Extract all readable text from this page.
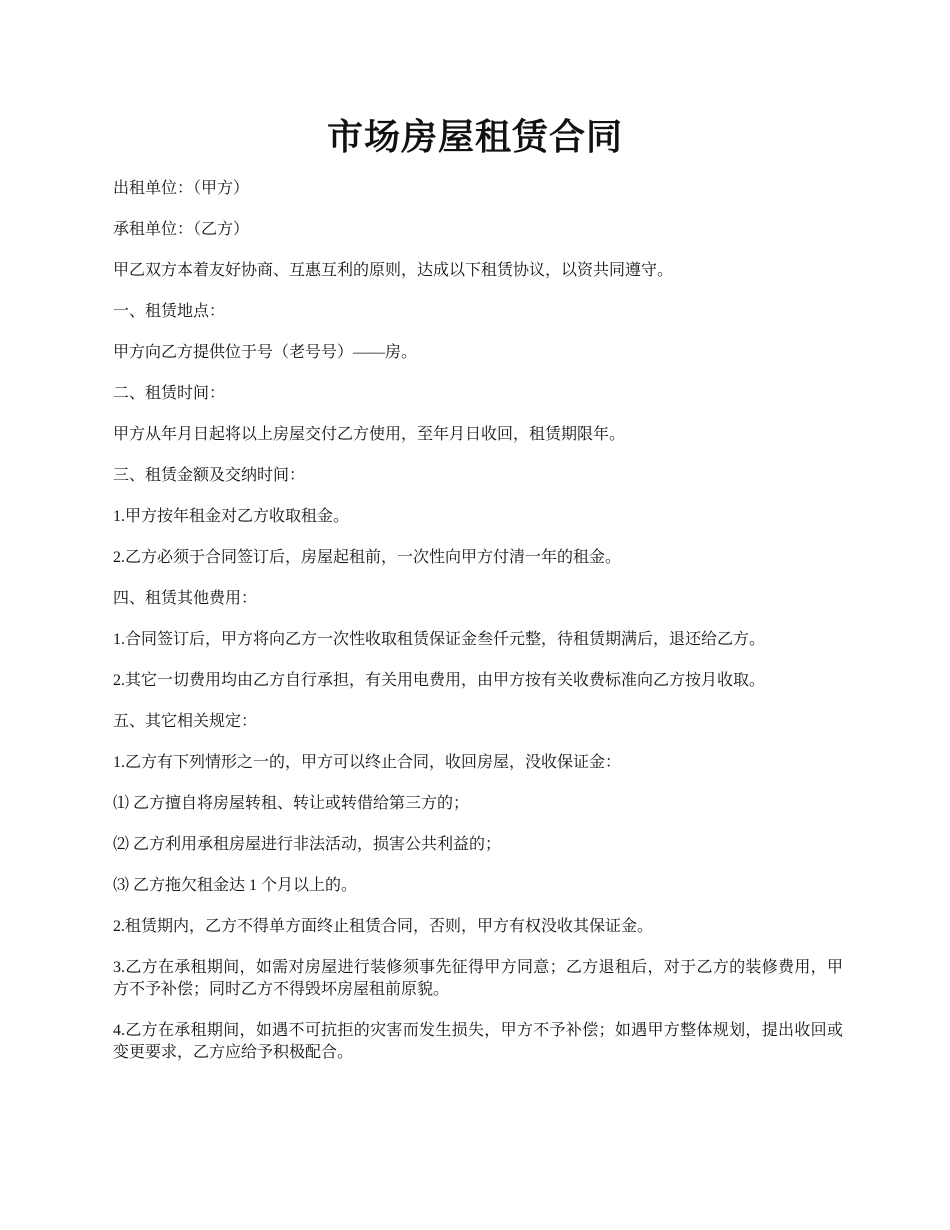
市场房屋租赁合同

出租单位：（甲方）

承租单位：（乙方）

甲乙双方本着友好协商、互惠互利的原则，达成以下租赁协议，以资共同遵守。

一、租赁地点：

甲方向乙方提供位于号（老号号）——房。

二、租赁时间：

甲方从年月日起将以上房屋交付乙方使用，至年月日收回，租赁期限年。

三、租赁金额及交纳时间：

1.甲方按年租金对乙方收取租金。

2.乙方必须于合同签订后，房屋起租前，一次性向甲方付清一年的租金。

四、租赁其他费用：

1.合同签订后，甲方将向乙方一次性收取租赁保证金叁仟元整，待租赁期满后，退还给乙方。

2.其它一切费用均由乙方自行承担，有关用电费用，由甲方按有关收费标准向乙方按月收取。

五、其它相关规定：

1.乙方有下列情形之一的，甲方可以终止合同，收回房屋，没收保证金：

⑴ 乙方擅自将房屋转租、转让或转借给第三方的；

⑵ 乙方利用承租房屋进行非法活动，损害公共利益的；

⑶ 乙方拖欠租金达 1 个月以上的。

2.租赁期内，乙方不得单方面终止租赁合同，否则，甲方有权没收其保证金。

3.乙方在承租期间，如需对房屋进行装修须事先征得甲方同意；乙方退租后，对于乙方的装修费用，甲方不予补偿；同时乙方不得毁坏房屋租前原貌。

4.乙方在承租期间，如遇不可抗拒的灾害而发生损失，甲方不予补偿；如遇甲方整体规划，提出收回或变更要求，乙方应给予积极配合。
